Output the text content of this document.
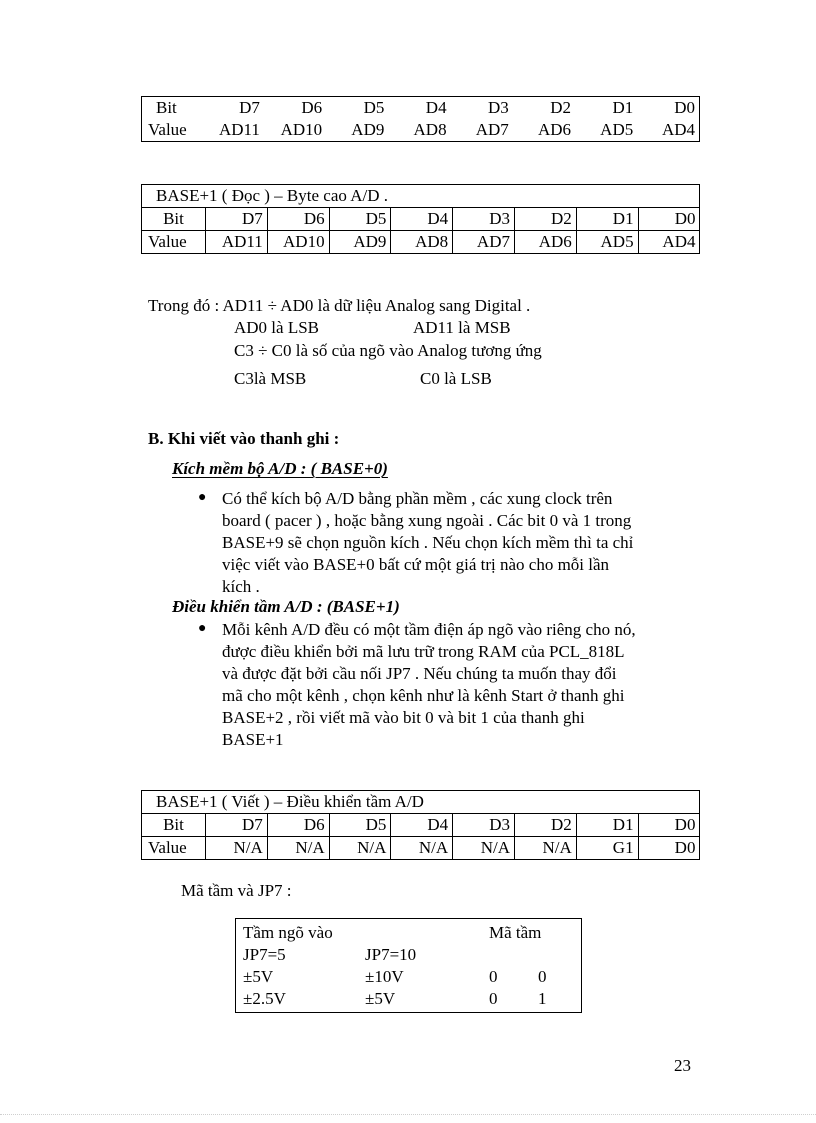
Bit	D7	D6	D5	D4	D3	D2	D1	D0
Value	AD11	AD10	AD9	AD8	AD7	AD6	AD5	AD4
BASE+1 ( Đọc ) – Byte cao A/D .								
Bit	D7	D6	D5	D4	D3	D2	D1	D0
Value	AD11	AD10	AD9	AD8	AD7	AD6	AD5	AD4
Trong đó : AD11 ÷ AD0 là dữ liệu Analog sang Digital .
AD0 là LSB	AD11 là MSB
C3 ÷ C0 là số của ngõ vào Analog tương ứng
C3là MSB	C0 là LSB
B. Khi viết vào thanh ghi :
Kích mềm bộ A/D : ( BASE+0)
● Có thể kích bộ A/D bằng phần mềm , các xung clock trên
board ( pacer ) , hoặc bằng xung ngoài . Các bit 0 và 1 trong
BASE+9 sẽ chọn nguồn kích . Nếu chọn kích mềm thì ta chỉ
việc viết vào BASE+0 bất cứ một giá trị nào cho mỗi lần
kích .
Điều khiển tầm A/D : (BASE+1)
● Mỗi kênh A/D đều có một tầm điện áp ngõ vào riêng cho nó,
được điều khiển bởi mã lưu trữ trong RAM của PCL_818L
và được đặt bởi cầu nối JP7 . Nếu chúng ta muốn thay đổi
mã cho một kênh , chọn kênh như là kênh Start ở thanh ghi
BASE+2 , rồi viết mã vào bit 0 và bit 1 của thanh ghi
BASE+1
BASE+1 ( Viết ) – Điều khiển tầm A/D								
Bit	D7	D6	D5	D4	D3	D2	D1	D0
Value	N/A	N/A	N/A	N/A	N/A	N/A	G1	D0
Mã tầm và JP7 :
Tầm ngõ vào	Mã tầm
JP7=5	JP7=10
±5V	±10V	0 0
±2.5V	±5V	0 1
23
